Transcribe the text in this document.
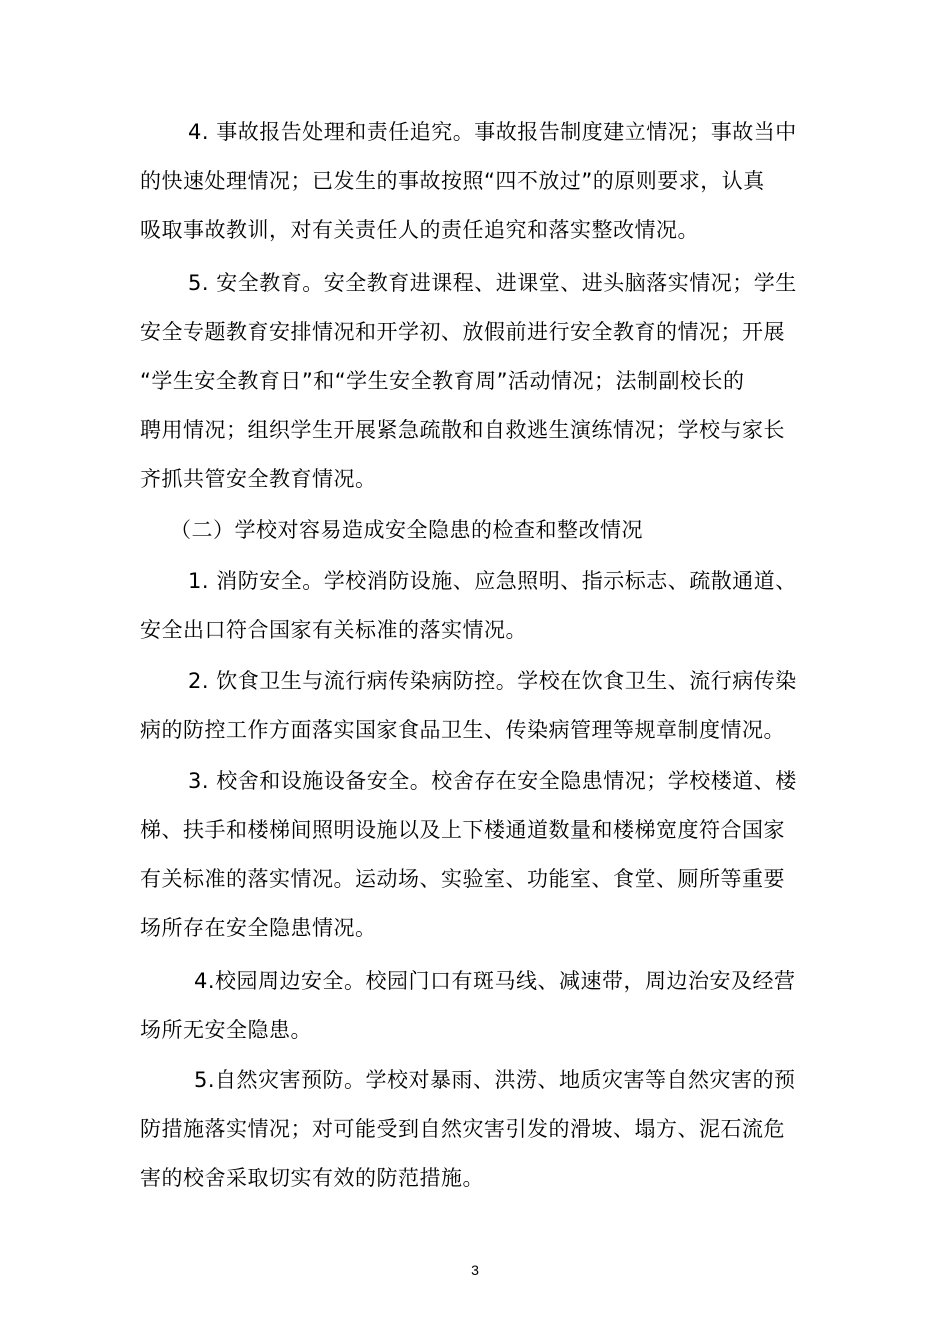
4. 事故报告处理和责任追究。事故报告制度建立情况；事故当中
的快速处理情况；已发生的事故按照“四不放过”的原则要求，认真
吸取事故教训，对有关责任人的责任追究和落实整改情况。
5. 安全教育。安全教育进课程、进课堂、进头脑落实情况；学生
安全专题教育安排情况和开学初、放假前进行安全教育的情况；开展
“学生安全教育日”和“学生安全教育周”活动情况；法制副校长的
聘用情况；组织学生开展紧急疏散和自救逃生演练情况；学校与家长
齐抓共管安全教育情况。
（二）学校对容易造成安全隐患的检查和整改情况
1. 消防安全。学校消防设施、应急照明、指示标志、疏散通道、
安全出口符合国家有关标准的落实情况。
2. 饮食卫生与流行病传染病防控。学校在饮食卫生、流行病传染
病的防控工作方面落实国家食品卫生、传染病管理等规章制度情况。
3. 校舍和设施设备安全。校舍存在安全隐患情况；学校楼道、楼
梯、扶手和楼梯间照明设施以及上下楼通道数量和楼梯宽度符合国家
有关标准的落实情况。运动场、实验室、功能室、食堂、厕所等重要
场所存在安全隐患情况。
4.校园周边安全。校园门口有斑马线、减速带，周边治安及经营
场所无安全隐患。
5.自然灾害预防。学校对暴雨、洪涝、地质灾害等自然灾害的预
防措施落实情况；对可能受到自然灾害引发的滑坡、塌方、泥石流危
害的校舍采取切实有效的防范措施。
3
